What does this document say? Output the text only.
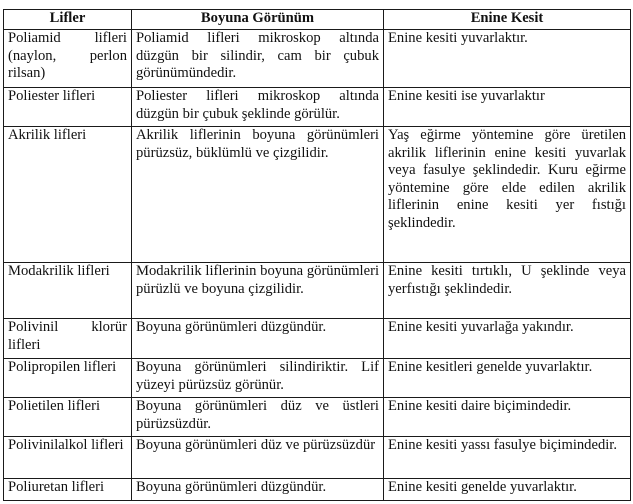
Lifler	Boyuna Görünüm	Enine Kesit
Poliamid lifleri (naylon, perlon rilsan)	Poliamid lifleri mikroskop altında düzgün bir silindir, cam bir çubuk görünümündedir.	Enine kesiti yuvarlaktır.
Poliester lifleri	Poliester lifleri mikroskop altında düzgün bir çubuk şeklinde görülür.	Enine kesiti ise yuvarlaktır
Akrilik lifleri	Akrilik liflerinin boyuna görünümleri pürüzsüz, büklümlü ve çizgilidir.	Yaş eğirme yöntemine göre üretilen akrilik liflerinin enine kesiti yuvarlak veya fasulye şeklindedir. Kuru eğirme yöntemine göre elde edilen akrilik liflerinin enine kesiti yer fıstığı şeklindedir.
Modakrilik lifleri	Modakrilik liflerinin boyuna görünümleri pürüzlü ve boyuna çizgilidir.	Enine kesiti tırtıklı, U şeklinde veya yerfıstığı şeklindedir.
Polivinil klorür lifleri	Boyuna görünümleri düzgündür.	Enine kesiti yuvarlağa yakındır.
Polipropilen lifleri	Boyuna görünümleri silindiriktir. Lif yüzeyi pürüzsüz görünür.	Enine kesitleri genelde yuvarlaktır.
Polietilen lifleri	Boyuna görünümleri düz ve üstleri pürüzsüzdür.	Enine kesiti daire biçimindedir.
Polivinilalkol lifleri	Boyuna görünümleri düz ve pürüzsüzdür	Enine kesiti yassı fasulye biçimindedir.
Poliuretan lifleri	Boyuna görünümleri düzgündür.	Enine kesiti genelde yuvarlaktır.
